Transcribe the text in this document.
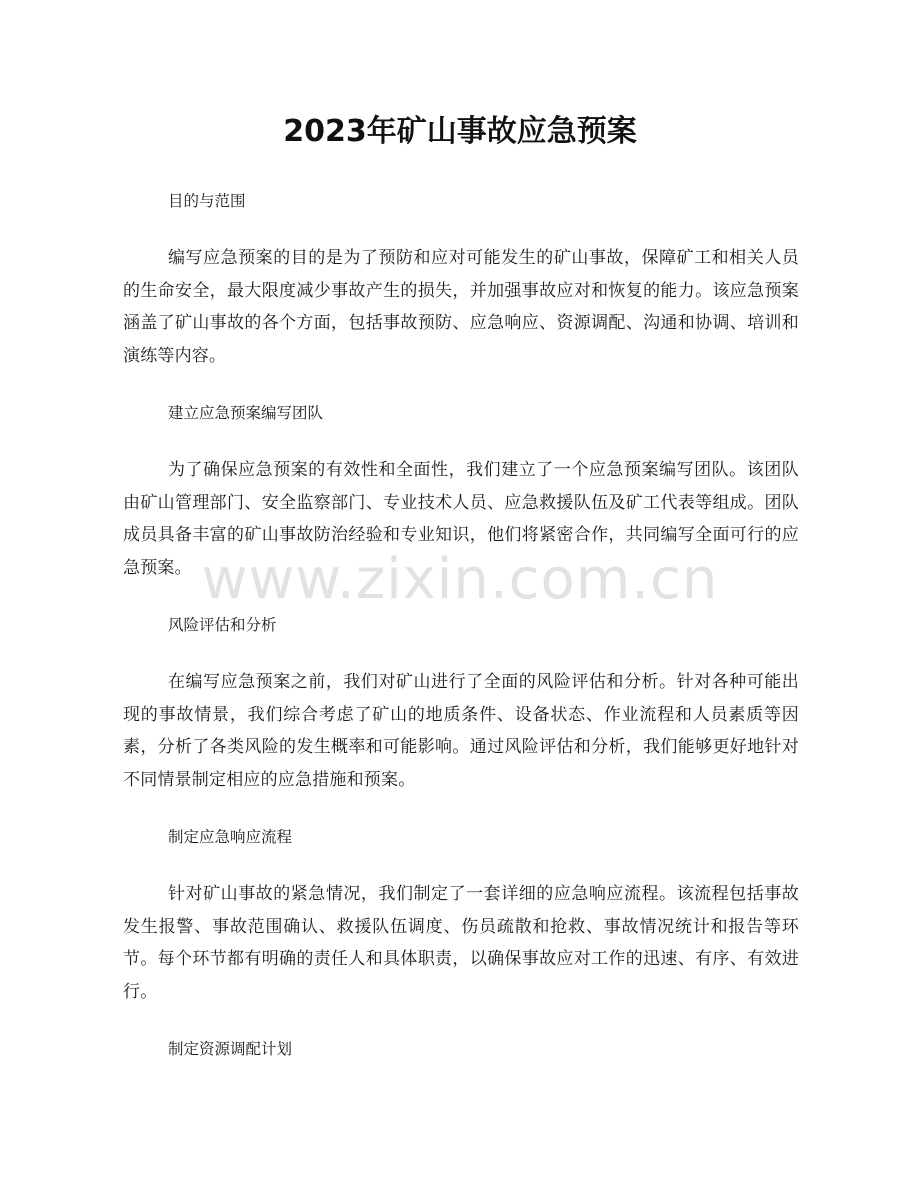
2023年矿山事故应急预案

目的与范围

编写应急预案的目的是为了预防和应对可能发生的矿山事故，保障矿工和相关人员的生命安全，最大限度减少事故产生的损失，并加强事故应对和恢复的能力。该应急预案涵盖了矿山事故的各个方面，包括事故预防、应急响应、资源调配、沟通和协调、培训和演练等内容。

建立应急预案编写团队

为了确保应急预案的有效性和全面性，我们建立了一个应急预案编写团队。该团队由矿山管理部门、安全监察部门、专业技术人员、应急救援队伍及矿工代表等组成。团队成员具备丰富的矿山事故防治经验和专业知识，他们将紧密合作，共同编写全面可行的应急预案。

风险评估和分析

在编写应急预案之前，我们对矿山进行了全面的风险评估和分析。针对各种可能出现的事故情景，我们综合考虑了矿山的地质条件、设备状态、作业流程和人员素质等因素，分析了各类风险的发生概率和可能影响。通过风险评估和分析，我们能够更好地针对不同情景制定相应的应急措施和预案。

制定应急响应流程

针对矿山事故的紧急情况，我们制定了一套详细的应急响应流程。该流程包括事故发生报警、事故范围确认、救援队伍调度、伤员疏散和抢救、事故情况统计和报告等环节。每个环节都有明确的责任人和具体职责，以确保事故应对工作的迅速、有序、有效进行。

制定资源调配计划

www.zixin.com.cn
